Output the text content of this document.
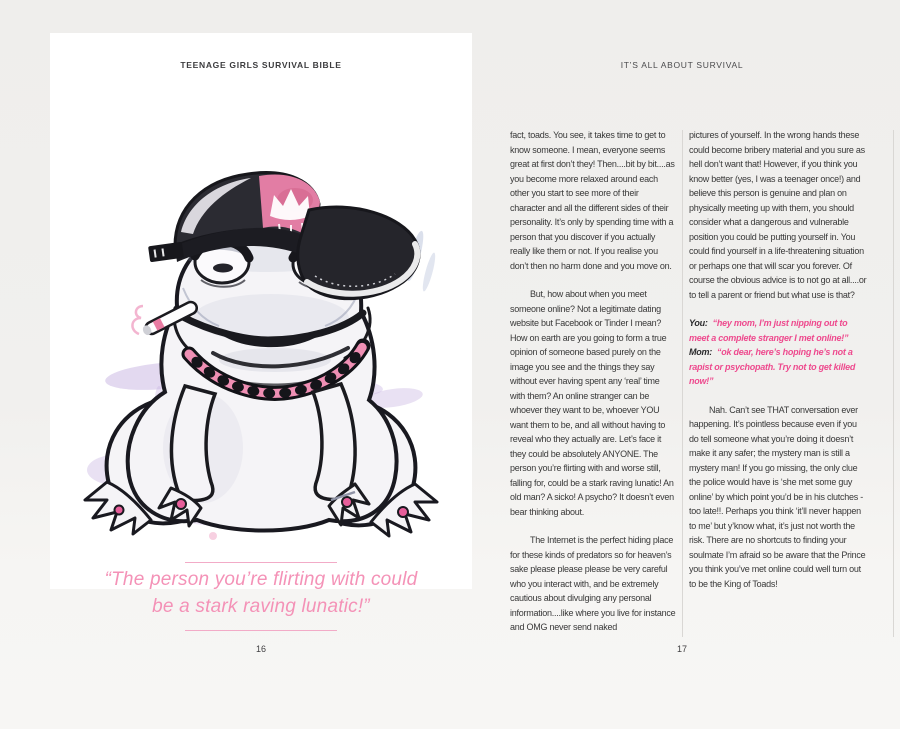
TEENAGE GIRLS SURVIVAL BIBLE
“The person you’re flirting with could
be a stark raving lunatic!”
16
IT’S ALL ABOUT SURVIVAL

fact, toads. You see, it takes time to get to know someone. I mean, everyone seems great at first don’t they! Then....bit by bit....as you become more relaxed around each other you start to see more of their character and all the different sides of their personality. It’s only by spending time with a person that you discover if you actually really like them or not. If you realise you don’t then no harm done and you move on.

But, how about when you meet someone online? Not a legitimate dating website but Facebook or Tinder I mean? How on earth are you going to form a true opinion of someone based purely on the image you see and the things they say without ever having spent any ‘real’ time with them? An online stranger can be whoever they want to be, whoever YOU want them to be, and all without having to reveal who they actually are. Let’s face it they could be absolutely ANYONE. The person you’re flirting with and worse still, falling for, could be a stark raving lunatic! An old man? A sicko! A psycho? It doesn’t even bear thinking about.

The Internet is the perfect hiding place for these kinds of predators so for heaven’s sake please please please be very careful who you interact with, and be extremely cautious about divulging any personal information....like where you live for instance and OMG never send naked

pictures of yourself. In the wrong hands these could become bribery material and you sure as hell don’t want that! However, if you think you know better (yes, I was a teenager once!) and believe this person is genuine and plan on physically meeting up with them, you should consider what a dangerous and vulnerable position you could be putting yourself in. You could find yourself in a life-threatening situation or perhaps one that will scar you forever. Of course the obvious advice is to not go at all....or to tell a parent or friend but what use is that?

You: “hey mom, I’m just nipping out to meet a complete stranger I met online!” Mom: “ok dear, here’s hoping he’s not a rapist or psychopath. Try not to get killed now!”

Nah. Can’t see THAT conversation ever happening. It’s pointless because even if you do tell someone what you’re doing it doesn’t make it any safer; the mystery man is still a mystery man! If you go missing, the only clue the police would have is ‘she met some guy online’ by which point you’d be in his clutches - too late!!. Perhaps you think ‘it’ll never happen to me’ but y’know what, it’s just not worth the risk. There are no shortcuts to finding your soulmate I’m afraid so be aware that the Prince you think you’ve met online could well turn out to be the King of Toads!

17
